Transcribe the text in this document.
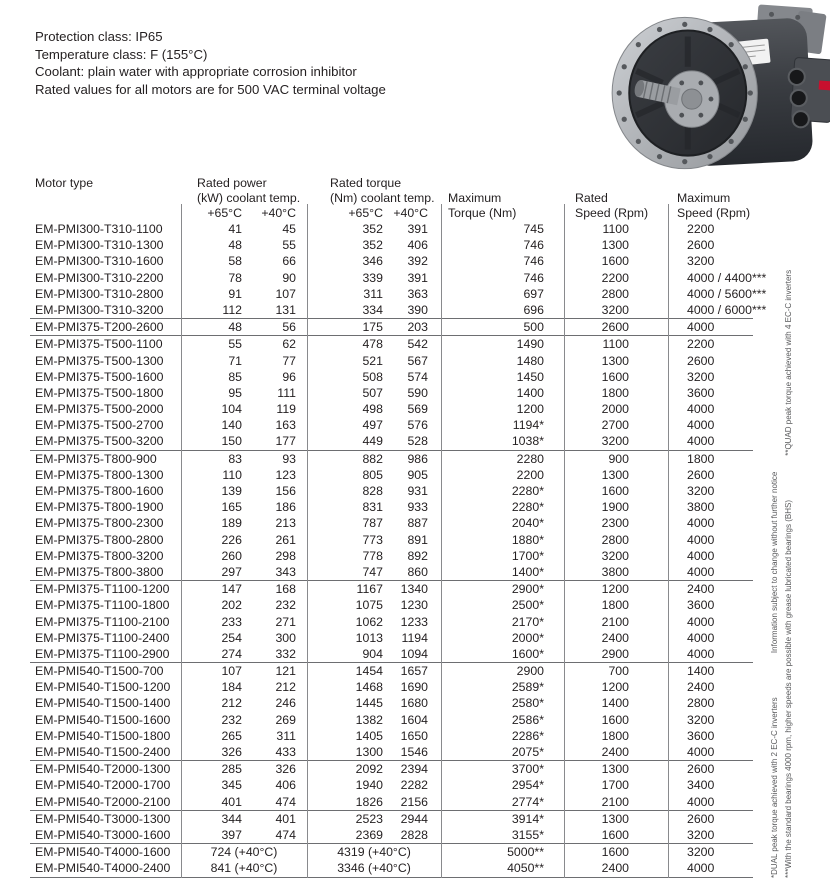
Protection class: IP65
Temperature class: F (155°C)
Coolant: plain water with appropriate corrosion inhibitor
Rated values for all motors are for 500 VAC terminal voltage
Motor type	Rated power	Rated torque
(kW) coolant temp.	(Nm) coolant temp.	Maximum	Rated	Maximum
+65°C	+40°C	+65°C +40°C	Torque (Nm)	Speed (Rpm)	Speed (Rpm)
EM-PMI300-T310-1100	41	45	352	391	745	1100	2200
EM-PMI300-T310-1300	48	55	352	406	746	1300	2600
EM-PMI300-T310-1600	58	66	346	392	746	1600	3200
EM-PMI300-T310-2200	78	90	339	391	746	2200	4000 / 4400***
EM-PMI300-T310-2800	91	107	311	363	697	2800	4000 / 5600***
EM-PMI300-T310-3200	112	131	334	390	696	3200	4000 / 6000***
EM-PMI375-T200-2600	48	56	175	203	500	2600	4000
EM-PMI375-T500-1100	55	62	478	542	1490	1100	2200
EM-PMI375-T500-1300	71	77	521	567	1480	1300	2600
EM-PMI375-T500-1600	85	96	508	574	1450	1600	3200
EM-PMI375-T500-1800	95	111	507	590	1400	1800	3600
EM-PMI375-T500-2000	104	119	498	569	1200	2000	4000
EM-PMI375-T500-2700	140	163	497	576	1194*	2700	4000
EM-PMI375-T500-3200	150	177	449	528	1038*	3200	4000
EM-PMI375-T800-900	83	93	882	986	2280	900	1800
EM-PMI375-T800-1300	110	123	805	905	2200	1300	2600
EM-PMI375-T800-1600	139	156	828	931	2280*	1600	3200
EM-PMI375-T800-1900	165	186	831	933	2280*	1900	3800
EM-PMI375-T800-2300	189	213	787	887	2040*	2300	4000
EM-PMI375-T800-2800	226	261	773	891	1880*	2800	4000
EM-PMI375-T800-3200	260	298	778	892	1700*	3200	4000
EM-PMI375-T800-3800	297	343	747	860	1400*	3800	4000
EM-PMI375-T1100-1200	147	168	1167	1340	2900*	1200	2400
EM-PMI375-T1100-1800	202	232	1075	1230	2500*	1800	3600
EM-PMI375-T1100-2100	233	271	1062	1233	2170*	2100	4000
EM-PMI375-T1100-2400	254	300	1013	1194	2000*	2400	4000
EM-PMI375-T1100-2900	274	332	904	1094	1600*	2900	4000
EM-PMI540-T1500-700	107	121	1454	1657	2900	700	1400
EM-PMI540-T1500-1200	184	212	1468	1690	2589*	1200	2400
EM-PMI540-T1500-1400	212	246	1445	1680	2580*	1400	2800
EM-PMI540-T1500-1600	232	269	1382	1604	2586*	1600	3200
EM-PMI540-T1500-1800	265	311	1405	1650	2286*	1800	3600
EM-PMI540-T1500-2400	326	433	1300	1546	2075*	2400	4000
EM-PMI540-T2000-1300	285	326	2092	2394	3700*	1300	2600
EM-PMI540-T2000-1700	345	406	1940	2282	2954*	1700	3400
EM-PMI540-T2000-2100	401	474	1826	2156	2774*	2100	4000
EM-PMI540-T3000-1300	344	401	2523	2944	3914*	1300	2600
EM-PMI540-T3000-1600	397	474	2369	2828	3155*	1600	3200
EM-PMI540-T4000-1600	724 (+40°C)	4319 (+40°C)	5000**	1600	3200
EM-PMI540-T4000-2400	841 (+40°C)	3346 (+40°C)	4050**	2400	4000	***With the standard bearings 4000 rpm, higher speeds are possible with grease lubricated bearings (BHS) **QUAD peak torque achieved with 4 EC-C inverters
*DUAL peak torque achieved with 2 EC-C inverters Information subject to change without further notice
